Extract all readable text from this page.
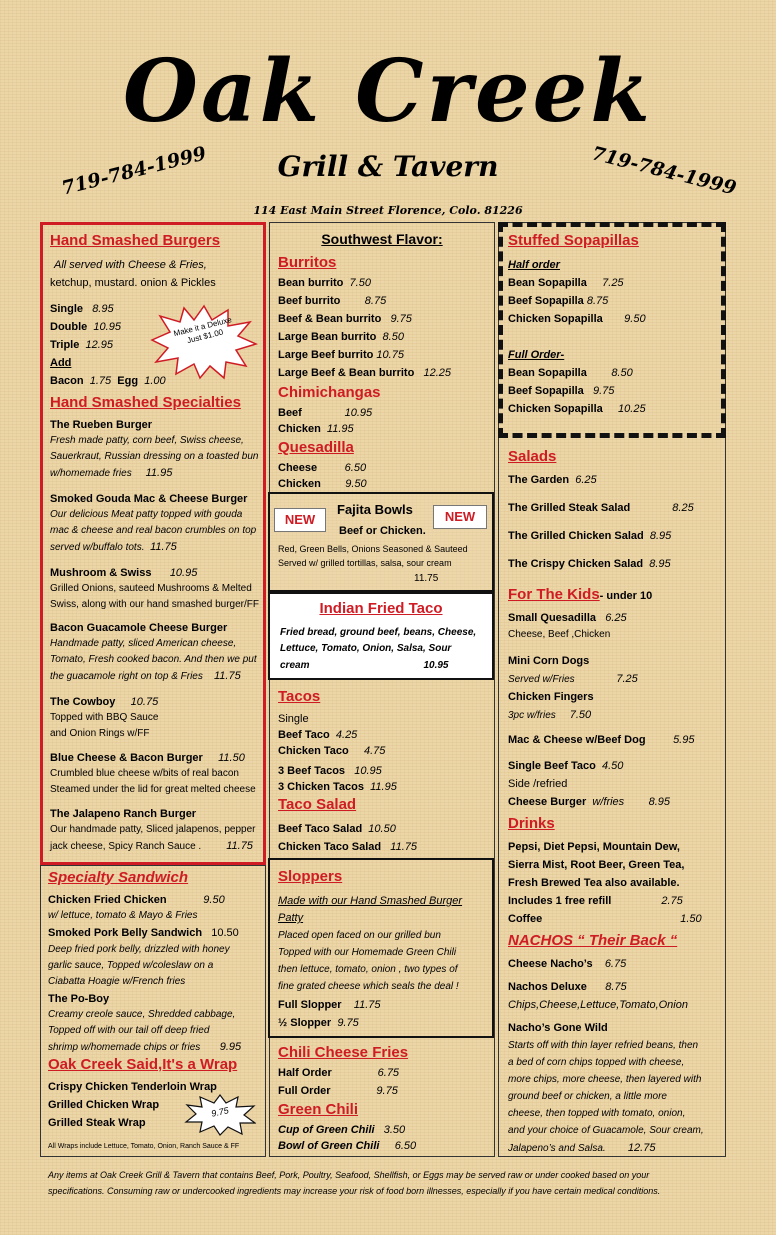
Oak Creek
Grill & Tavern
719-784-1999	719-784-1999
114 East Main Street Florence, Colo. 81226
Hand Smashed Burgers
All served with Cheese & Fries,
ketchup, mustard. onion & Pickles
Single 8.95
Double 10.95
Triple 12.95
Add
Bacon 1.75 Egg 1.00
Make it a Deluxe Just $1.00
Hand Smashed Specialties
The Rueben Burger
Fresh made patty, corn beef, Swiss cheese,
Sauerkraut, Russian dressing on a toasted bun
w/homemade fries 11.95
Smoked Gouda Mac & Cheese Burger
Our delicious Meat patty topped with gouda
mac & cheese and real bacon crumbles on top
served w/buffalo tots. 11.75
Mushroom & Swiss 10.95
Grilled Onions, sauteed Mushrooms & Melted
Swiss, along with our hand smashed burger/FF
Bacon Guacamole Cheese Burger
Handmade patty, sliced American cheese,
Tomato, Fresh cooked bacon. And then we put
the guacamole right on top & Fries 11.75
The Cowboy 10.75
Topped with BBQ Sauce
and Onion Rings w/FF
Blue Cheese & Bacon Burger 11.50
Crumbled blue cheese w/bits of real bacon
Steamed under the lid for great melted cheese
The Jalapeno Ranch Burger
Our handmade patty, Sliced jalapenos, pepper
jack cheese, Spicy Ranch Sauce . 11.75
Specialty Sandwich
Chicken Fried Chicken	9.50
w/ lettuce, tomato & Mayo & Fries
Smoked Pork Belly Sandwich 10.50
Deep fried pork belly, drizzled with honey
garlic sauce, Topped w/coleslaw on a
Ciabatta Hoagie w/French fries
The Po-Boy
Creamy creole sauce, Shredded cabbage,
Topped off with our tail off deep fried
shrimp w/homemade chips or fries 9.95
Oak Creek Said,It's a Wrap
Crispy Chicken Tenderloin Wrap
Grilled Chicken Wrap
Grilled Steak Wrap
9.75
All Wraps include Lettuce, Tomato, Onion, Ranch Sauce & FF
Southwest Flavor:
Burritos
Bean burrito 7.50
Beef burrito 8.75
Beef & Bean burrito 9.75
Large Bean burrito 8.50
Large Beef burrito 10.75
Large Beef & Bean burrito 12.25
Chimichangas
Beef	10.95
Chicken 11.95
Quesadilla
Cheese	6.50
Chicken 9.50
NEW	NEW
Fajita Bowls
Beef or Chicken.
Red, Green Bells, Onions Seasoned & Sauteed
Served w/ grilled tortillas, salsa, sour cream
11.75
Indian Fried Taco
Fried bread, ground beef, beans, Cheese,
Lettuce, Tomato, Onion, Salsa, Sour
cream	10.95
Tacos
Single
Beef Taco 4.25
Chicken Taco 4.75
3 Beef Tacos 10.95
3 Chicken Tacos 11.95
Taco Salad
Beef Taco Salad 10.50
Chicken Taco Salad 11.75
Sloppers
Made with our Hand Smashed Burger
Patty
Placed open faced on our grilled bun
Topped with our Homemade Green Chili
then lettuce, tomato, onion , two types of
fine grated cheese which seals the deal !
Full Slopper 11.75
½ Slopper 9.75
Chili Cheese Fries
Half Order	6.75
Full Order	9.75
Green Chili
Cup of Green Chili 3.50
Bowl of Green Chili 6.50
Stuffed Sopapillas
Half order
Bean Sopapilla 7.25
Beef Sopapilla 8.75
Chicken Sopapilla 9.50
Full Order-
Bean Sopapilla 8.50
Beef Sopapilla 9.75
Chicken Sopapilla 10.25
Salads
The Garden 6.25
The Grilled Steak Salad	8.25
The Grilled Chicken Salad 8.95
The Crispy Chicken Salad 8.95
For The Kids- under 10
Small Quesadilla 6.25
Cheese, Beef ,Chicken
Mini Corn Dogs
Served w/Fries	7.25
Chicken Fingers
3pc w/fries 7.50
Mac & Cheese w/Beef Dog	5.95
Single Beef Taco 4.50
Side /refried
Cheese Burger w/fries 8.95
Drinks
Pepsi, Diet Pepsi, Mountain Dew,
Sierra Mist, Root Beer, Green Tea,
Fresh Brewed Tea also available.
Includes 1 free refill	2.75
Coffee	1.50
NACHOS “ Their Back “
Cheese Nacho’s 6.75
Nachos Deluxe 8.75
Chips,Cheese,Lettuce,Tomato,Onion
Nacho’s Gone Wild
Starts off with thin layer refried beans, then
a bed of corn chips topped with cheese,
more chips, more cheese, then layered with
ground beef or chicken, a little more
cheese, then topped with tomato, onion,
and your choice of Guacamole, Sour cream,
Jalapeno’s and Salsa. 12.75
Any items at Oak Creek Grill & Tavern that contains Beef, Pork, Poultry, Seafood, Shellfish, or Eggs may be served raw or under cooked based on your
specifications. Consuming raw or undercooked ingredients may increase your risk of food born illnesses, especially if you have certain medical conditions.
